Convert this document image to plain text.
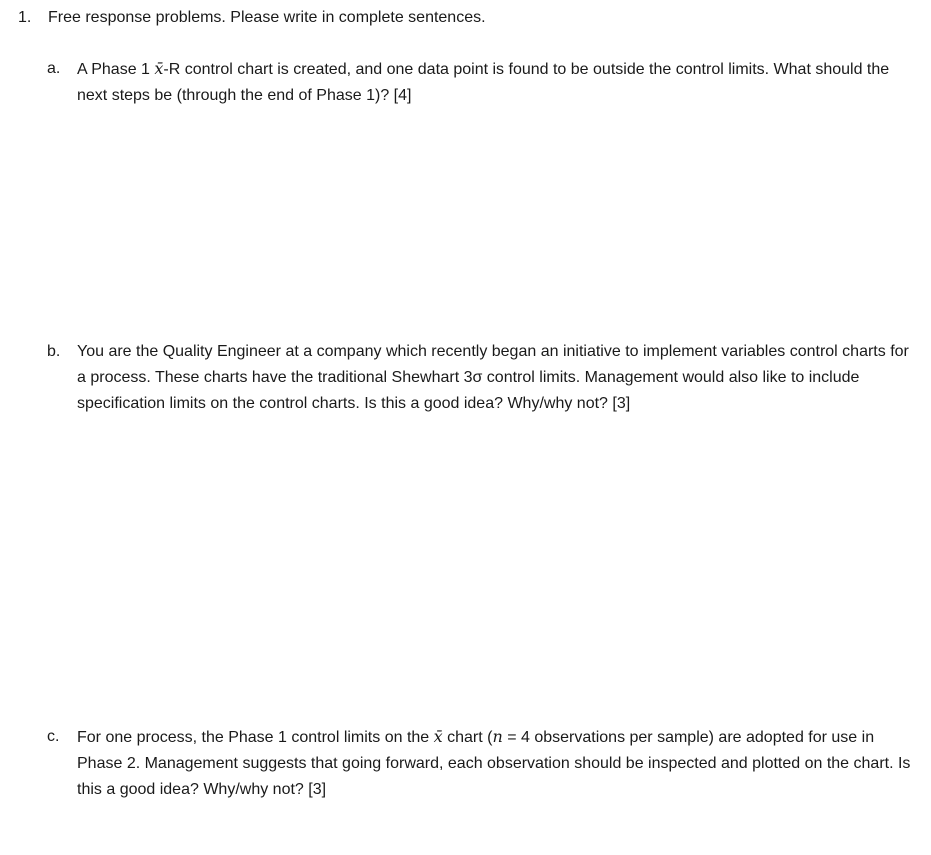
1.	Free response problems. Please write in complete sentences.
a.	A Phase 1 x̄-R control chart is created, and one data point is found to be outside the control limits. What should the next steps be (through the end of Phase 1)? [4]
b.	You are the Quality Engineer at a company which recently began an initiative to implement variables control charts for a process. These charts have the traditional Shewhart 3σ control limits. Management would also like to include specification limits on the control charts. Is this a good idea? Why/why not? [3]
c.	For one process, the Phase 1 control limits on the x̄ chart (n = 4 observations per sample) are adopted for use in Phase 2. Management suggests that going forward, each observation should be inspected and plotted on the chart. Is this a good idea? Why/why not? [3]
